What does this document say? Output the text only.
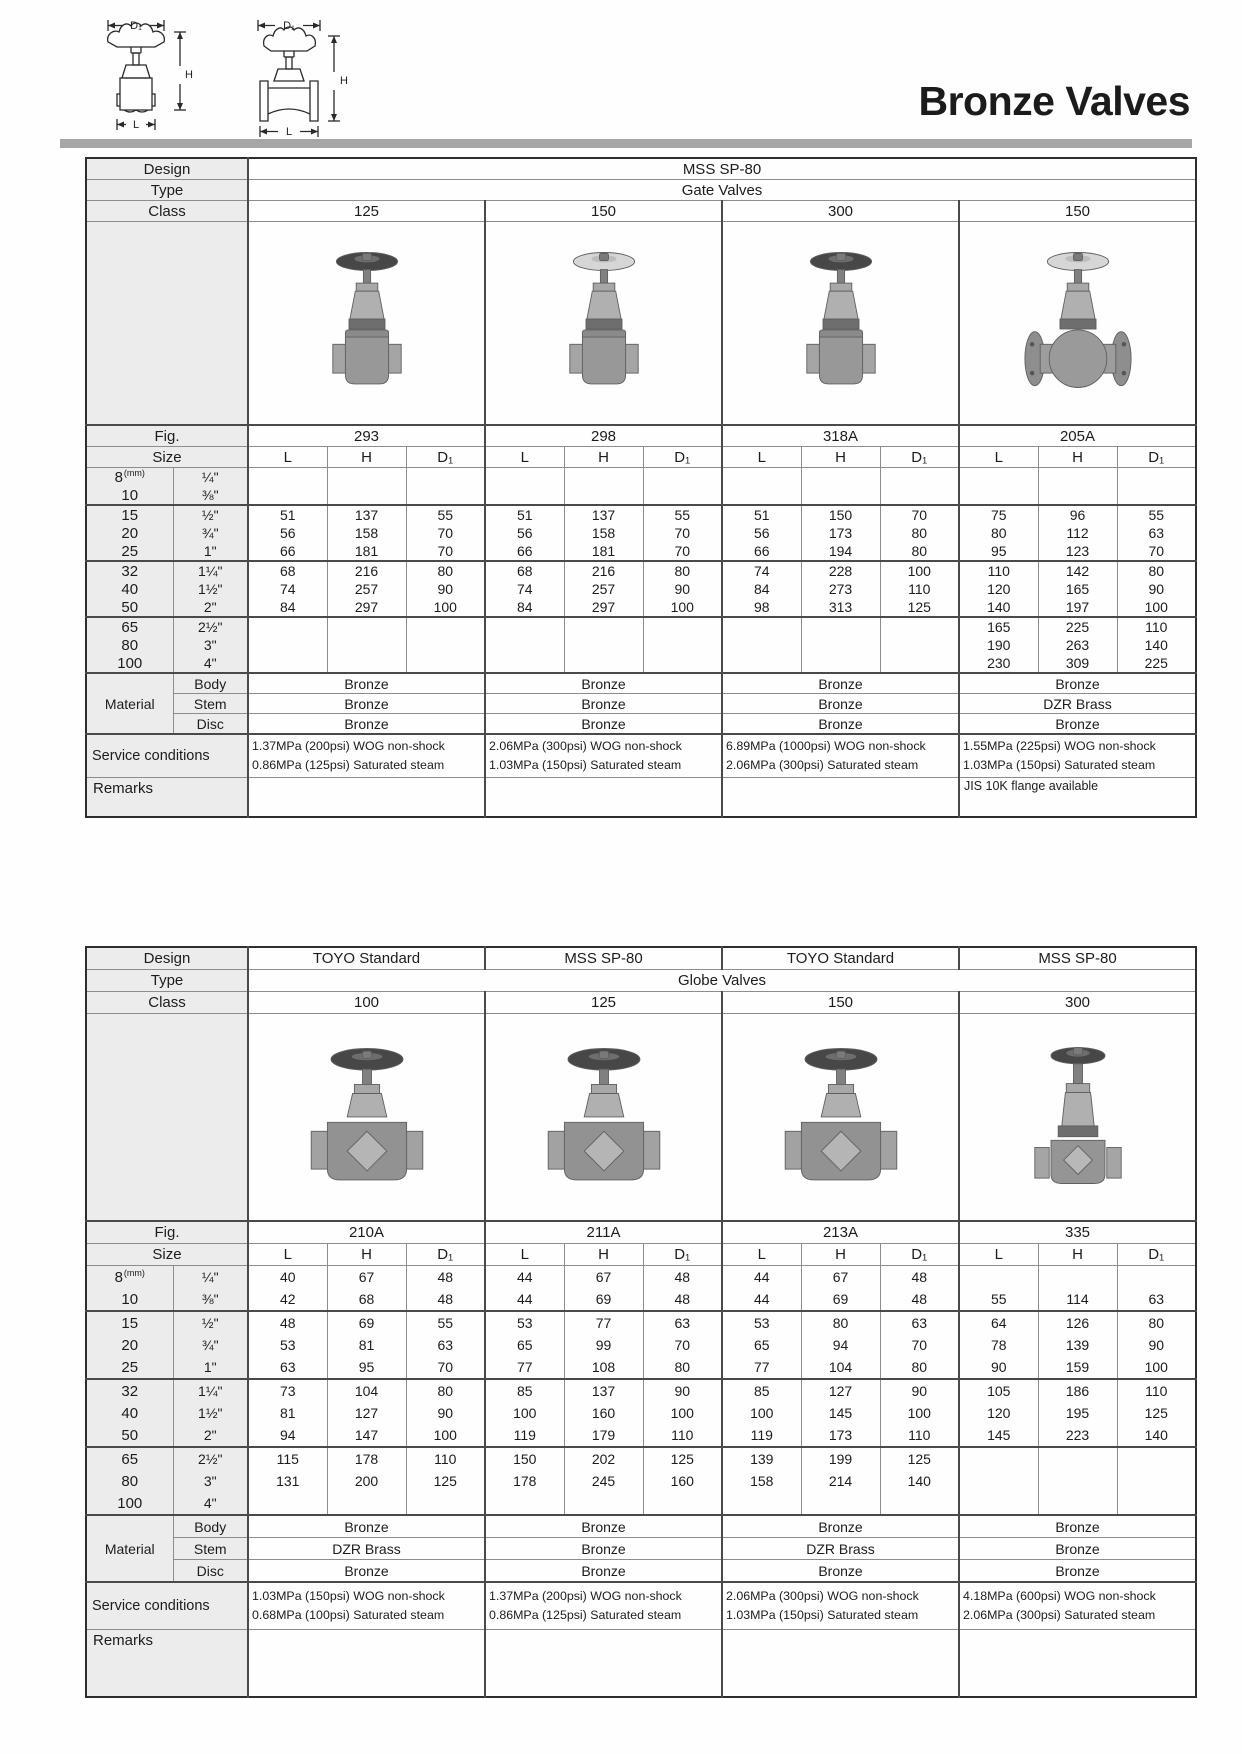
D₁
H
L
D₁
H
L
Bronze Valves
Design		MSS SP-80											
Type		Gate Valves											
Class		125			150			300			150		

Fig.		293			298			318A			205A		
Size		L	H	D₁	L	H	D₁	L	H	D₁	L	H	D₁
$8^{(mm)}$	¼"												
10	⅜"												
15	½"	51	137	55	51	137	55	51	150	70	75	96	55
20	¾"	56	158	70	56	158	70	56	173	80	80	112	63
25	1"	66	181	70	66	181	70	66	194	80	95	123	70
32	1¼"	68	216	80	68	216	80	74	228	100	110	142	80
40	1½"	74	257	90	74	257	90	84	273	110	120	165	90
50	2"	84	297	100	84	297	100	98	313	125	140	197	100
65	2½"										165	225	110
80	3"										190	263	140
100	4"										230	309	225
Material	Body	Bronze			Bronze			Bronze			Bronze		
	Stem	Bronze			Bronze			Bronze			DZR Brass		
	Disc	Bronze			Bronze			Bronze			Bronze		
Service conditions	
1.37MPa (200psi) WOG non-shock
0.86MPa (125psi) Saturated steam

2.06MPa (300psi) WOG non-shock
1.03MPa (150psi) Saturated steam

6.89MPa (1000psi) WOG non-shock
2.06MPa (300psi) Saturated steam

1.55MPa (225psi) WOG non-shock
1.03MPa (150psi) Saturated steam

Remarks											JIS 10K flange available		
Design		TOYO Standard			MSS SP-80			TOYO Standard			MSS SP-80		
Type		Globe Valves											
Class		100			125			150			300		

Fig.		210A			211A			213A			335		
Size		L	H	D₁	L	H	D₁	L	H	D₁	L	H	D₁
$8^{(mm)}$	¼"	40	67	48	44	67	48	44	67	48			
10	⅜"	42	68	48	44	69	48	44	69	48	55	114	63
15	½"	48	69	55	53	77	63	53	80	63	64	126	80
20	¾"	53	81	63	65	99	70	65	94	70	78	139	90
25	1"	63	95	70	77	108	80	77	104	80	90	159	100
32	1¼"	73	104	80	85	137	90	85	127	90	105	186	110
40	1½"	81	127	90	100	160	100	100	145	100	120	195	125
50	2"	94	147	100	119	179	110	119	173	110	145	223	140
65	2½"	115	178	110	150	202	125	139	199	125			
80	3"	131	200	125	178	245	160	158	214	140			
100	4"												
Material	Body	Bronze			Bronze			Bronze			Bronze		
	Stem	DZR Brass			Bronze			DZR Brass			Bronze		
	Disc	Bronze			Bronze			Bronze			Bronze		
Service conditions	
1.03MPa (150psi) WOG non-shock
0.68MPa (100psi) Saturated steam

1.37MPa (200psi) WOG non-shock
0.86MPa (125psi) Saturated steam

2.06MPa (300psi) WOG non-shock
1.03MPa (150psi) Saturated steam

4.18MPa (600psi) WOG non-shock
2.06MPa (300psi) Saturated steam

Remarks													
